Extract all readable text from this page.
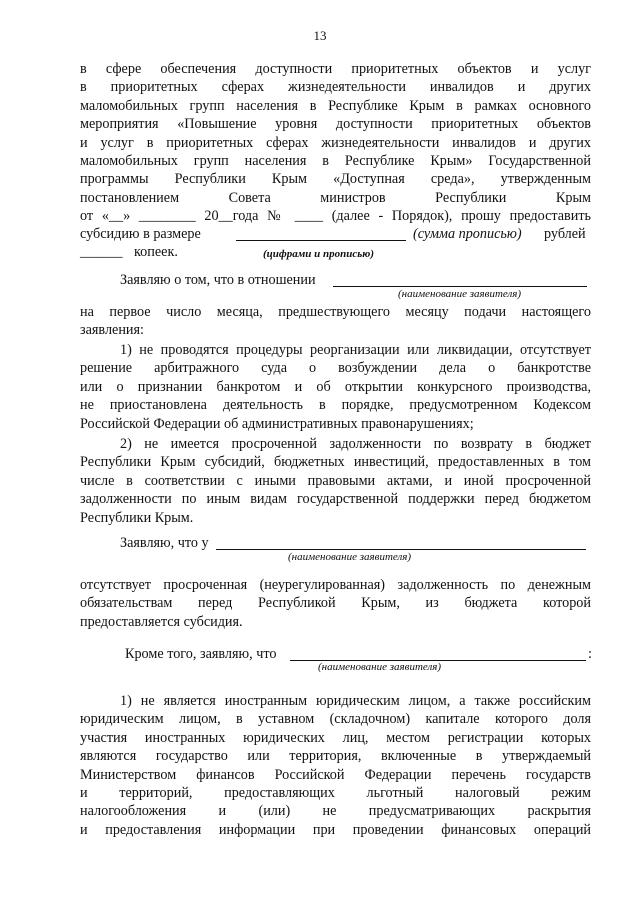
13
в сфере обеспечения доступности приоритетных объектов и услуг
в приоритетных сферах жизнедеятельности инвалидов и других
маломобильных групп населения в Республике Крым в рамках основного
мероприятия «Повышение уровня доступности приоритетных объектов
и услуг в приоритетных сферах жизнедеятельности инвалидов и других
маломобильных групп населения в Республике Крым» Государственной
программы Республики Крым «Доступная среда», утвержденным
постановлением Совета министров Республики Крым
от «__» ________ 20__года № ____ (далее - Порядок), прошу предоставить
субсидию в размере	(сумма прописью) рублей
______ копеек.	(цифрами и прописью)
Заявляю о том, что в отношении
(наименование заявителя)
на первое число месяца, предшествующего месяцу подачи настоящего
заявления:
1) не проводятся процедуры реорганизации или ликвидации, отсутствует
решение арбитражного суда о возбуждении дела о банкротстве
или о признании банкротом и об открытии конкурсного производства,
не приостановлена деятельность в порядке, предусмотренном Кодексом
Российской Федерации об административных правонарушениях;
2) не имеется просроченной задолженности по возврату в бюджет
Республики Крым субсидий, бюджетных инвестиций, предоставленных в том
числе в соответствии с иными правовыми актами, и иной просроченной
задолженности по иным видам государственной поддержки перед бюджетом
Республики Крым.
Заявляю, что у
(наименование заявителя)
отсутствует просроченная (неурегулированная) задолженность по денежным
обязательствам перед Республикой Крым, из бюджета которой
предоставляется субсидия.
Кроме того, заявляю, что	:
(наименование заявителя)
1) не является иностранным юридическим лицом, а также российским
юридическим лицом, в уставном (складочном) капитале которого доля
участия иностранных юридических лиц, местом регистрации которых
являются государство или территория, включенные в утверждаемый
Министерством финансов Российской Федерации перечень государств
и территорий, предоставляющих льготный налоговый режим
налогообложения и (или) не предусматривающих раскрытия
и предоставления информации при проведении финансовых операций
